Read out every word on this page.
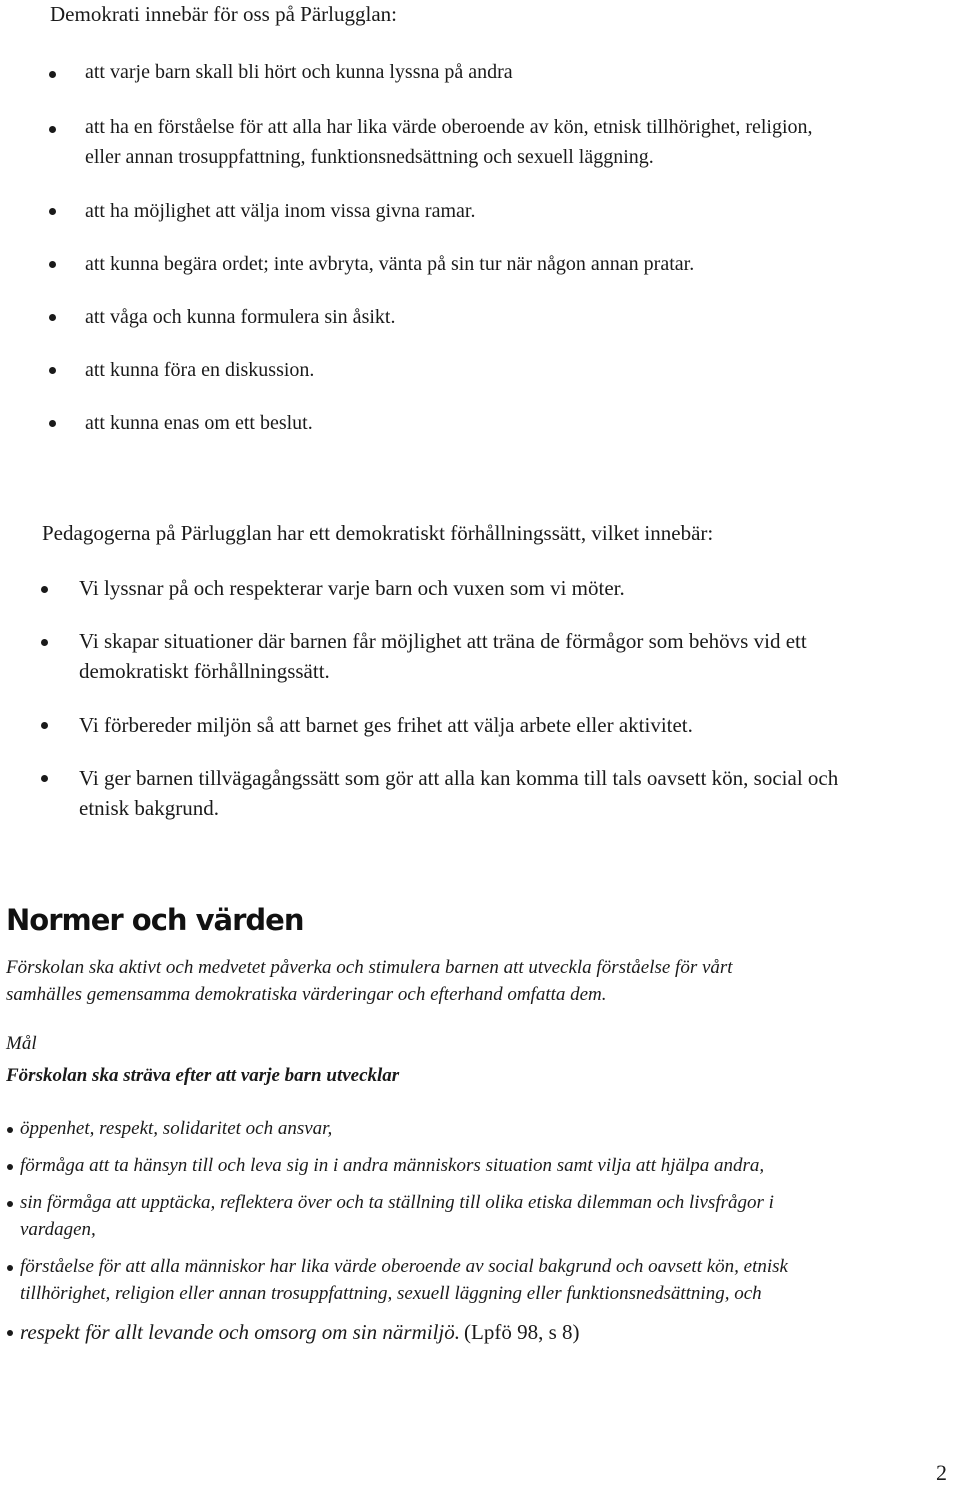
Demokrati innebär för oss på Pärlugglan:
att varje barn skall bli hört och kunna lyssna på andra
att ha en förståelse för att alla har lika värde oberoende av kön, etnisk tillhörighet, religion,
eller annan trosuppfattning, funktionsnedsättning och sexuell läggning.
att ha möjlighet att välja inom vissa givna ramar.
att kunna begära ordet; inte avbryta, vänta på sin tur när någon annan pratar.
att våga och kunna formulera sin åsikt.
att kunna föra en diskussion.
att kunna enas om ett beslut.
Pedagogerna på Pärlugglan har ett demokratiskt förhållningssätt, vilket innebär:
Vi lyssnar på och respekterar varje barn och vuxen som vi möter.
Vi skapar situationer där barnen får möjlighet att träna de förmågor som behövs vid ett
demokratiskt förhållningssätt.
Vi förbereder miljön så att barnet ges frihet att välja arbete eller aktivitet.
Vi ger barnen tillvägagångssätt som gör att alla kan komma till tals oavsett kön, social och
etnisk bakgrund.
Normer och värden
Förskolan ska aktivt och medvetet påverka och stimulera barnen att utveckla förståelse för vårt
samhälles gemensamma demokratiska värderingar och efterhand omfatta dem.
Mål
Förskolan ska sträva efter att varje barn utvecklar
öppenhet, respekt, solidaritet och ansvar,
förmåga att ta hänsyn till och leva sig in i andra människors situation samt vilja att hjälpa andra,
sin förmåga att upptäcka, reflektera över och ta ställning till olika etiska dilemman och livsfrågor i
vardagen,
förståelse för att alla människor har lika värde oberoende av social bakgrund och oavsett kön, etnisk
tillhörighet, religion eller annan trosuppfattning, sexuell läggning eller funktionsnedsättning, och
respekt för allt levande och omsorg om sin närmiljö. (Lpfö 98, s 8)
2
